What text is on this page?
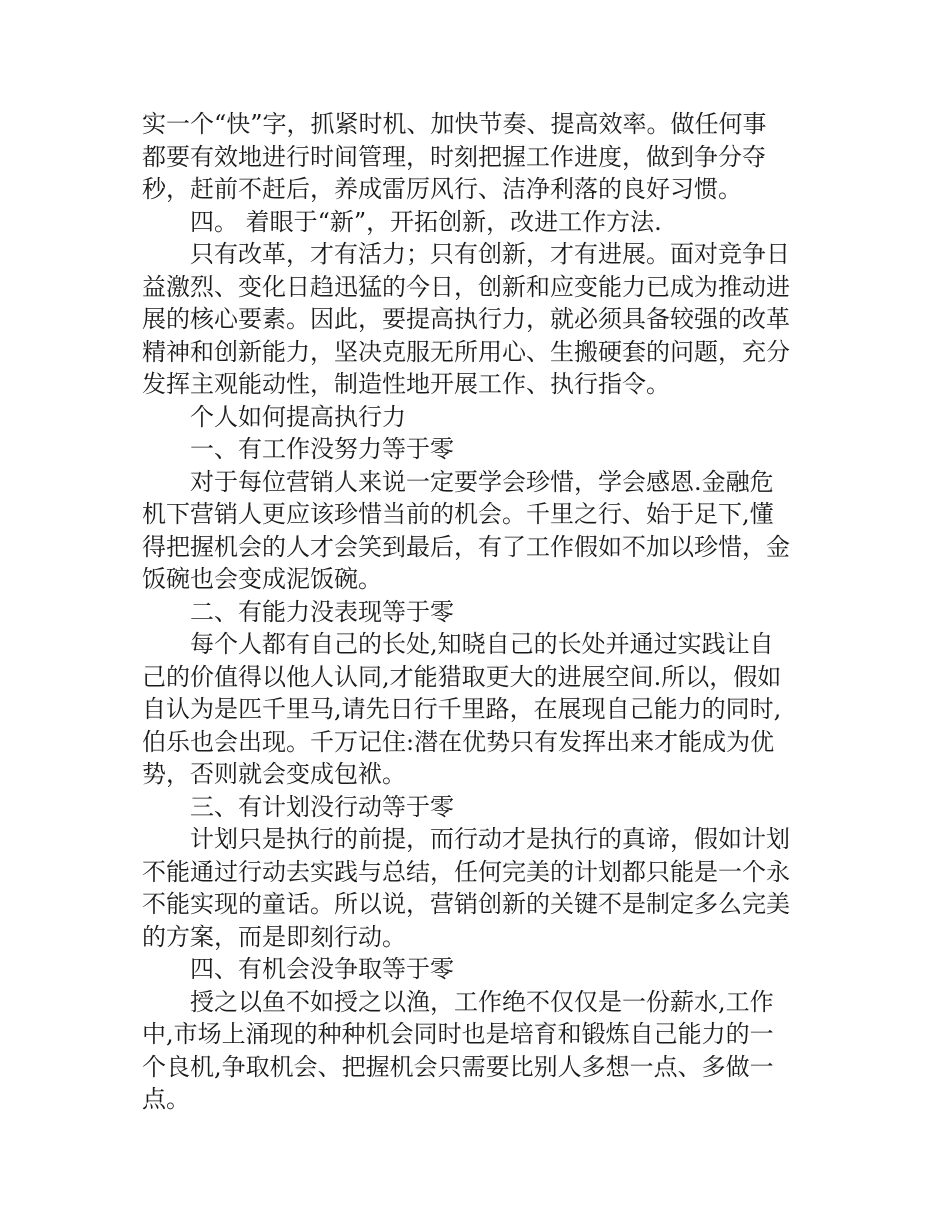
实一个“快”字，抓紧时机、加快节奏、提高效率。做任何事
都要有效地进行时间管理，时刻把握工作进度，做到争分夺
秒，赶前不赶后，养成雷厉风行、洁净利落的良好习惯。
四。 着眼于“新”，开拓创新，改进工作方法.
只有改革，才有活力；只有创新，才有进展。面对竞争日
益激烈、变化日趋迅猛的今日，创新和应变能力已成为推动进
展的核心要素。因此，要提高执行力，就必须具备较强的改革
精神和创新能力，坚决克服无所用心、生搬硬套的问题，充分
发挥主观能动性，制造性地开展工作、执行指令。
个人如何提高执行力
一、有工作没努力等于零
对于每位营销人来说一定要学会珍惜，学会感恩.金融危
机下营销人更应该珍惜当前的机会。千里之行、始于足下,懂
得把握机会的人才会笑到最后，有了工作假如不加以珍惜，金
饭碗也会变成泥饭碗。
二、有能力没表现等于零
每个人都有自己的长处,知晓自己的长处并通过实践让自
己的价值得以他人认同,才能猎取更大的进展空间.所以，假如
自认为是匹千里马,请先日行千里路，在展现自己能力的同时,
伯乐也会出现。千万记住:潜在优势只有发挥出来才能成为优
势，否则就会变成包袱。
三、有计划没行动等于零
计划只是执行的前提，而行动才是执行的真谛，假如计划
不能通过行动去实践与总结，任何完美的计划都只能是一个永
不能实现的童话。所以说，营销创新的关键不是制定多么完美
的方案，而是即刻行动。
四、有机会没争取等于零
授之以鱼不如授之以渔，工作绝不仅仅是一份薪水,工作
中,市场上涌现的种种机会同时也是培育和锻炼自己能力的一
个良机,争取机会、把握机会只需要比别人多想一点、多做一
点。
